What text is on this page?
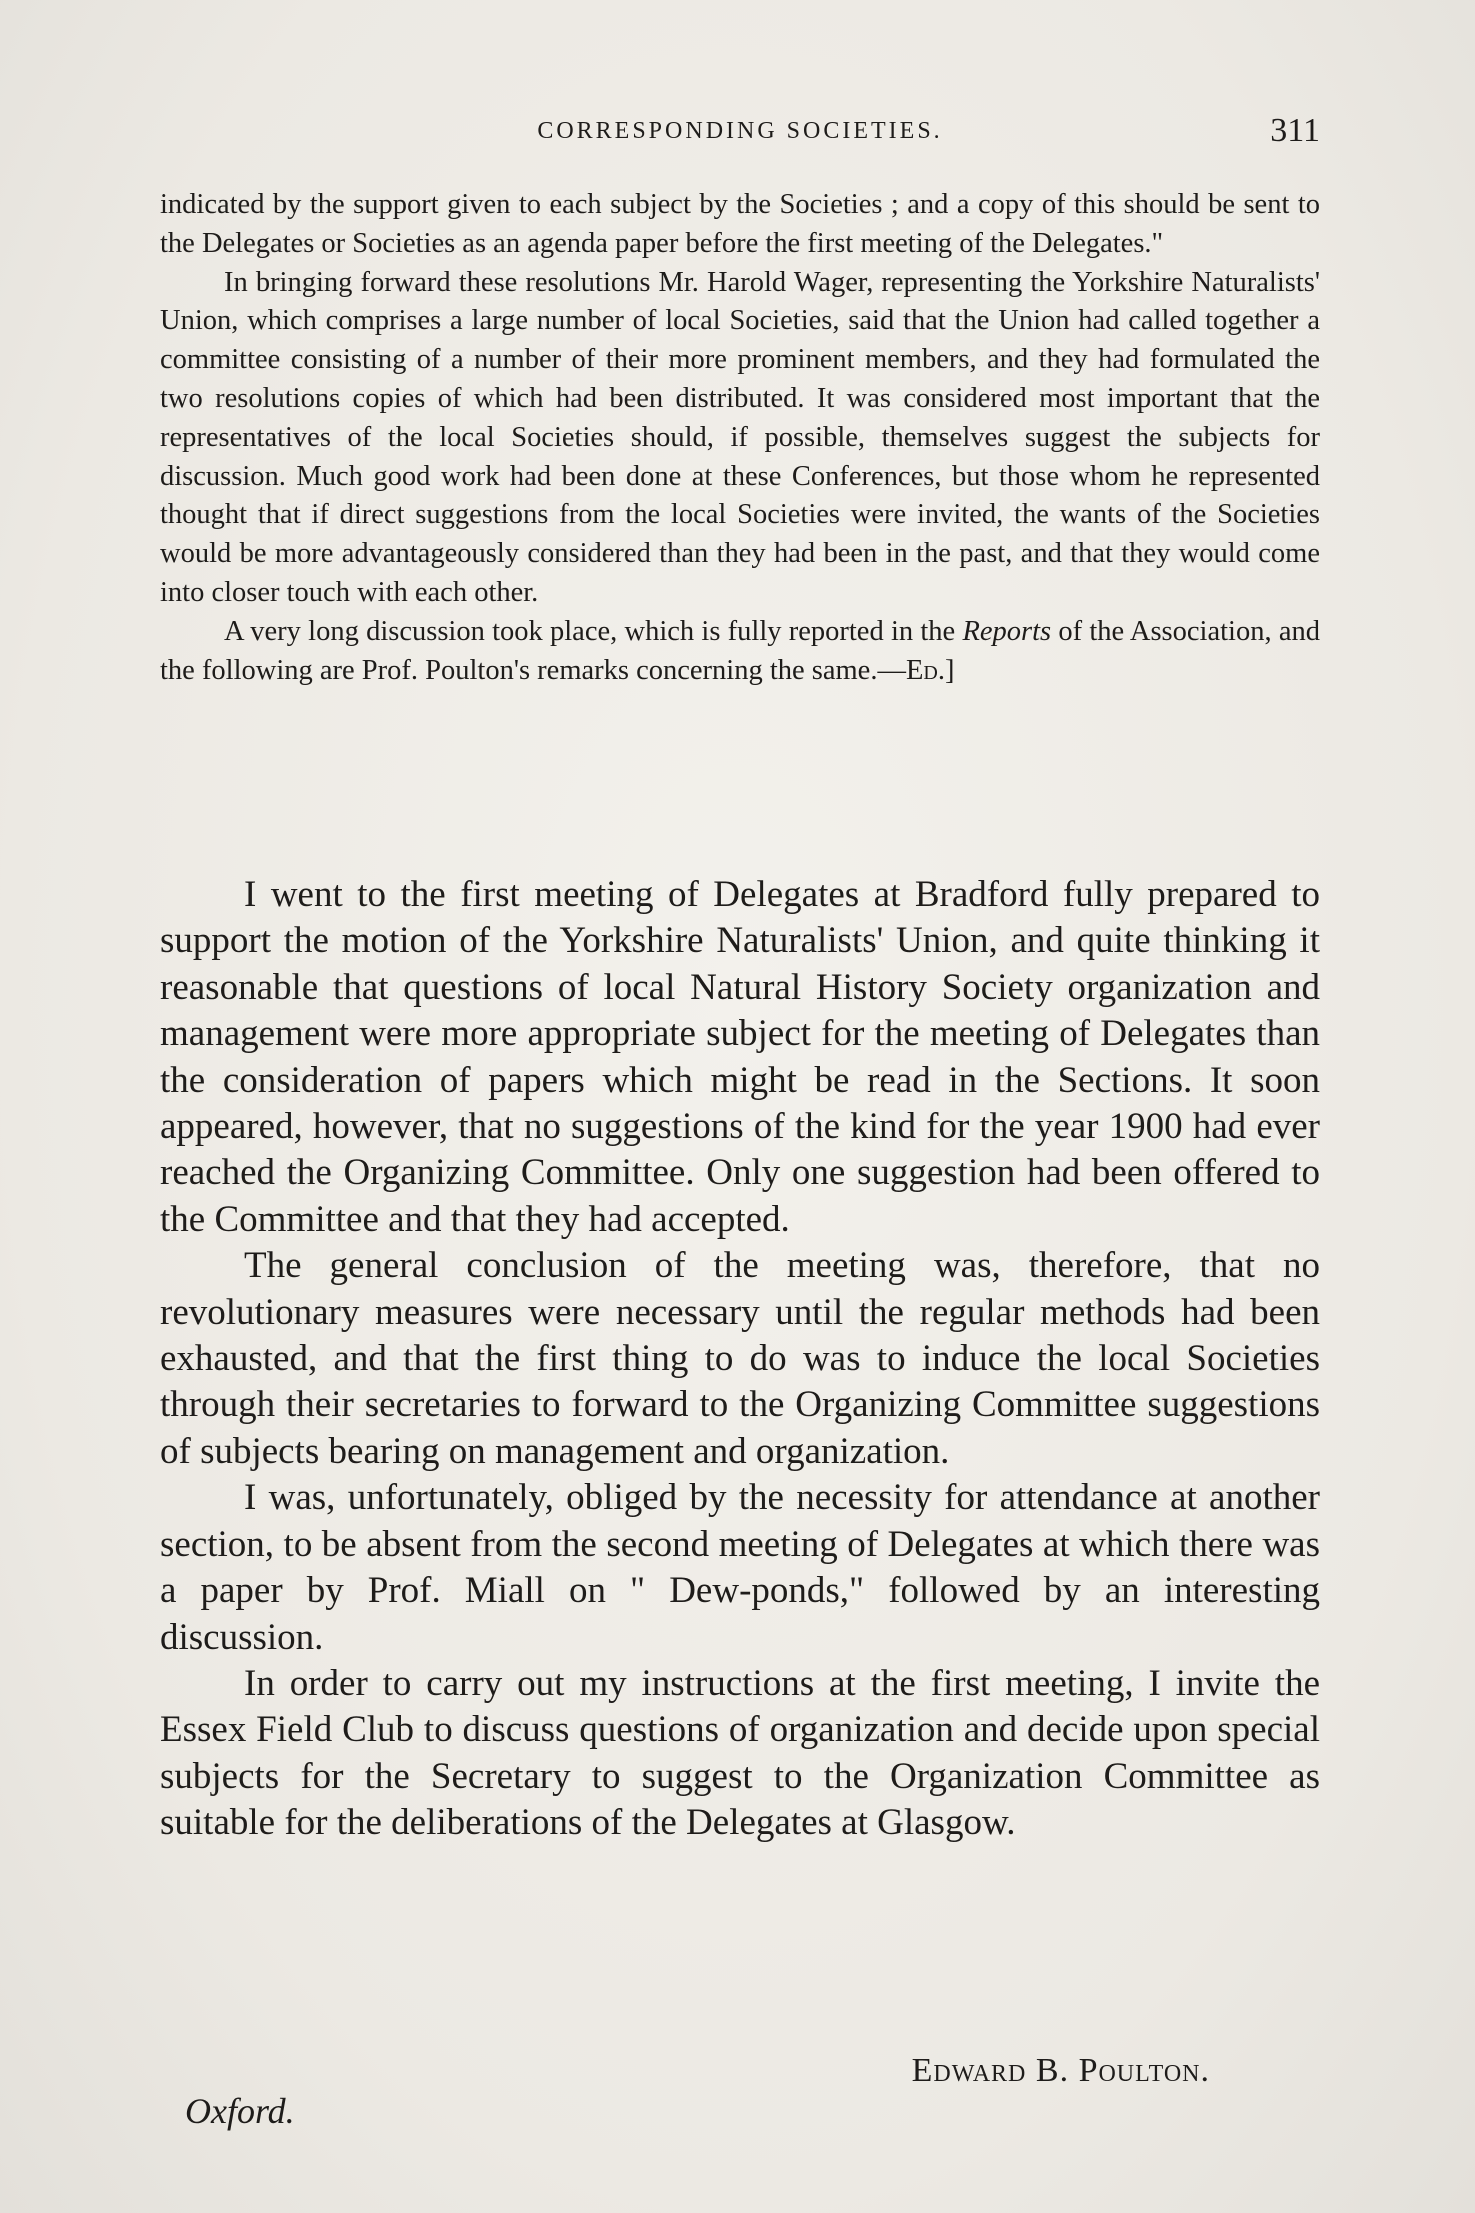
CORRESPONDING SOCIETIES.	311

indicated by the support given to each subject by the Societies ; and a copy of this should be sent to the Delegates or Societies as an agenda paper before the first meeting of the Delegates."

In bringing forward these resolutions Mr. Harold Wager, representing the Yorkshire Naturalists' Union, which comprises a large number of local Societies, said that the Union had called together a committee consisting of a number of their more prominent members, and they had formulated the two resolutions copies of which had been distributed. It was considered most important that the representatives of the local Societies should, if possible, themselves suggest the subjects for discussion. Much good work had been done at these Conferences, but those whom he represented thought that if direct suggestions from the local Societies were invited, the wants of the Societies would be more advantageously considered than they had been in the past, and that they would come into closer touch with each other.

A very long discussion took place, which is fully reported in the Reports of the Association, and the following are Prof. Poulton's remarks concerning the same.—Ed.]

I went to the first meeting of Delegates at Bradford fully prepared to support the motion of the Yorkshire Naturalists' Union, and quite thinking it reasonable that questions of local Natural History Society organization and management were more appropriate subject for the meeting of Delegates than the consideration of papers which might be read in the Sections. It soon appeared, however, that no suggestions of the kind for the year 1900 had ever reached the Organizing Committee. Only one suggestion had been offered to the Committee and that they had accepted.

The general conclusion of the meeting was, therefore, that no revolutionary measures were necessary until the regular methods had been exhausted, and that the first thing to do was to induce the local Societies through their secretaries to forward to the Organizing Committee suggestions of subjects bearing on management and organization.

I was, unfortunately, obliged by the necessity for attendance at another section, to be absent from the second meeting of Delegates at which there was a paper by Prof. Miall on " Dew-ponds," followed by an interesting discussion.

In order to carry out my instructions at the first meeting, I invite the Essex Field Club to discuss questions of organization and decide upon special subjects for the Secretary to suggest to the Organization Committee as suitable for the deliberations of the Delegates at Glasgow.

Edward B. Poulton.
Oxford.
